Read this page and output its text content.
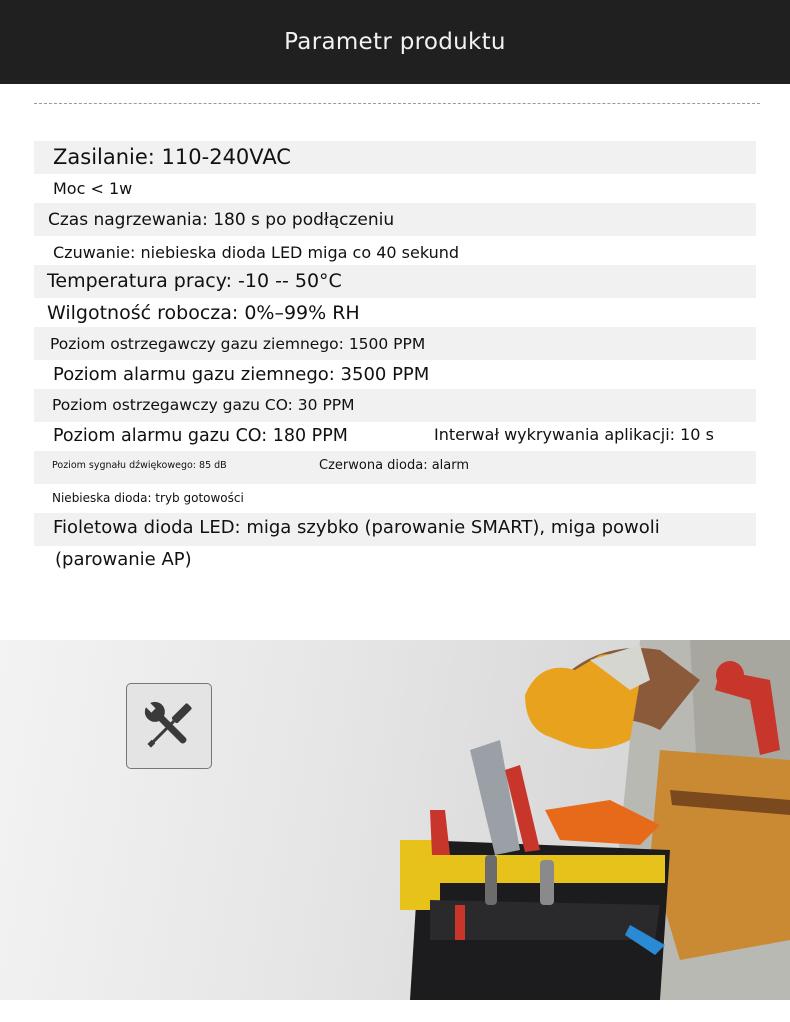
Parametr produktu
Zasilanie: 110-240VAC
Moc < 1w
Czas nagrzewania: 180 s po podłączeniu
Czuwanie: niebieska dioda LED miga co 40 sekund
Temperatura pracy: -10 -- 50°C
Wilgotność robocza: 0%–99% RH
Poziom ostrzegawczy gazu ziemnego: 1500 PPM
Poziom alarmu gazu ziemnego: 3500 PPM
Poziom ostrzegawczy gazu CO: 30 PPM
Poziom alarmu gazu CO: 180 PPM	Interwał wykrywania aplikacji: 10 s
Poziom sygnału dźwiękowego: 85 dB	Czerwona dioda: alarm
Niebieska dioda: tryb gotowości
Fioletowa dioda LED: miga szybko (parowanie SMART), miga powoli
(parowanie AP)
